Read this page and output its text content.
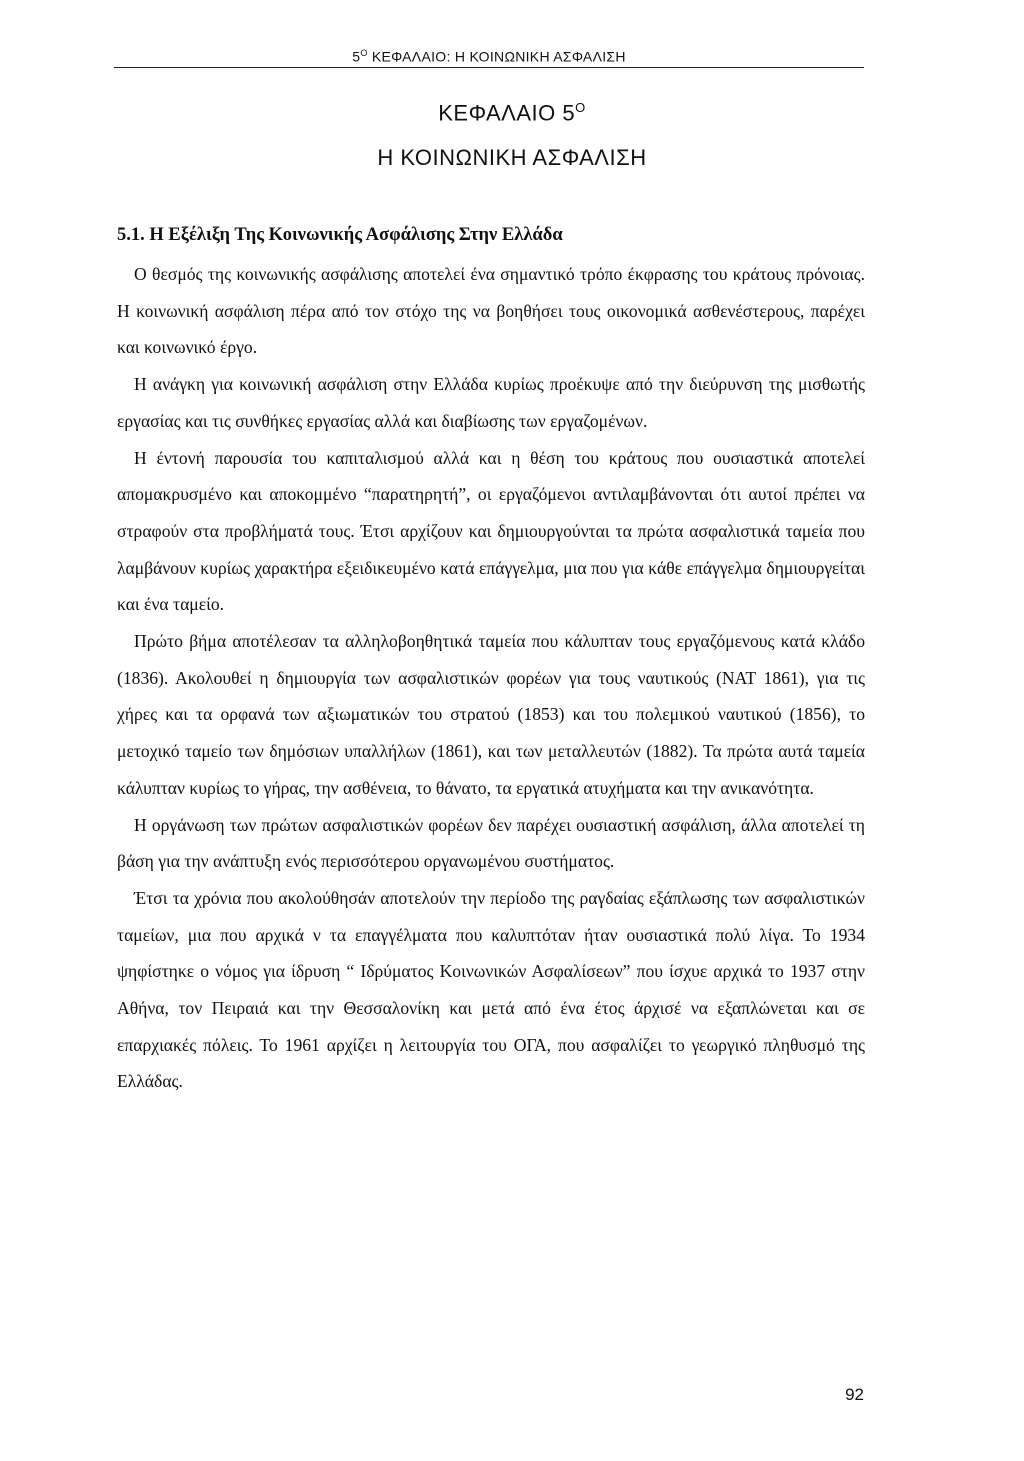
$5^O$ ΚΕΦΑΛΑΙΟ: Η ΚΟΙΝΩΝΙΚΗ ΑΣΦΑΛΙΣΗ
ΚΕΦΑΛΑΙΟ $5^O$
Η ΚΟΙΝΩΝΙΚΗ ΑΣΦΑΛΙΣΗ
5.1. Η Εξέλιξη Της Κοινωνικής Ασφάλισης Στην Ελλάδα

Ο θεσμός της κοινωνικής ασφάλισης αποτελεί ένα σημαντικό τρόπο έκφρασης του κράτους πρόνοιας. Η κοινωνική ασφάλιση πέρα από τον στόχο της να βοηθήσει τους οικονομικά ασθενέστερους, παρέχει και κοινωνικό έργο.

Η ανάγκη για κοινωνική ασφάλιση στην Ελλάδα κυρίως προέκυψε από την διεύρυνση της μισθωτής εργασίας και τις συνθήκες εργασίας αλλά και διαβίωσης των εργαζομένων.

Η έντονή παρουσία του καπιταλισμού αλλά και η θέση του κράτους που ουσιαστικά αποτελεί απομακρυσμένο και αποκομμένο “παρατηρητή”, οι εργαζόμενοι αντιλαμβάνονται ότι αυτοί πρέπει να στραφούν στα προβλήματά τους. Έτσι αρχίζουν και δημιουργούνται τα πρώτα ασφαλιστικά ταμεία που λαμβάνουν κυρίως χαρακτήρα εξειδικευμένο κατά επάγγελμα, μια που για κάθε επάγγελμα δημιουργείται και ένα ταμείο.

Πρώτο βήμα αποτέλεσαν τα αλληλοβοηθητικά ταμεία που κάλυπταν τους εργαζόμενους κατά κλάδο (1836). Ακολουθεί η δημιουργία των ασφαλιστικών φορέων για τους ναυτικούς (ΝΑΤ 1861), για τις χήρες και τα ορφανά των αξιωματικών του στρατού (1853) και του πολεμικού ναυτικού (1856), το μετοχικό ταμείο των δημόσιων υπαλλήλων (1861), και των μεταλλευτών (1882). Τα πρώτα αυτά ταμεία κάλυπταν κυρίως το γήρας, την ασθένεια, το θάνατο, τα εργατικά ατυχήματα και την ανικανότητα.

Η οργάνωση των πρώτων ασφαλιστικών φορέων δεν παρέχει ουσιαστική ασφάλιση, άλλα αποτελεί τη βάση για την ανάπτυξη ενός περισσότερου οργανωμένου συστήματος.

Έτσι τα χρόνια που ακολούθησάν αποτελούν την περίοδο της ραγδαίας εξάπλωσης των ασφαλιστικών ταμείων, μια που αρχικά ν τα επαγγέλματα που καλυπτόταν ήταν ουσιαστικά πολύ λίγα. Το 1934 ψηφίστηκε ο νόμος για ίδρυση “ Ιδρύματος Κοινωνικών Ασφαλίσεων” που ίσχυε αρχικά το 1937 στην Αθήνα, τον Πειραιά και την Θεσσαλονίκη και μετά από ένα έτος άρχισέ να εξαπλώνεται και σε επαρχιακές πόλεις. Το 1961 αρχίζει η λειτουργία του ΟΓΑ, που ασφαλίζει το γεωργικό πληθυσμό της Ελλάδας.

92
